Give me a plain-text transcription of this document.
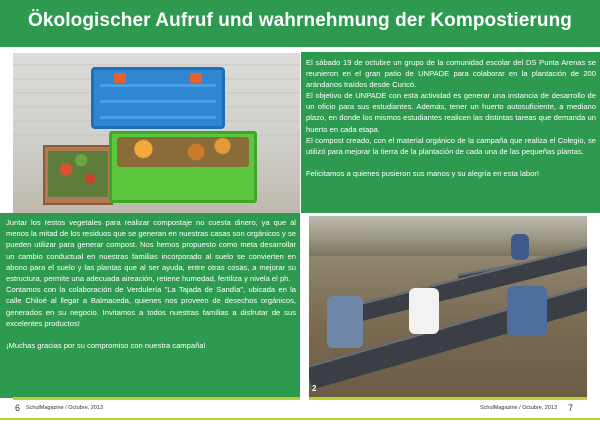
Ökologischer Aufruf und wahrnehmung der Kompostierung

El sábado 19 de octubre un grupo de la comunidad escolar del DS Punta Arenas se reunieron en el gran patio de UNPADE para colaborar en la plantación de 200 arándanos traídos desde Curicó.

El objetivo de UNPADE con esta actividad es generar una instancia de desarrollo de un oficio para sus estudiantes. Además, tener un huerto autosuficiente, a mediano plazo, en donde los mismos estudiantes realicen las distintas tareas que demanda un huerto en cada etapa.

El compost creado, con el material orgánico de la campaña que realiza el Colegio, se utilizó para mejorar la tierra de la plantación de cada una de las pequeñas plantas.

Felicitamos a quienes pusieron sus manos y su alegría en esta labor!

Juntar los restos vegetales para realizar compostaje no cuesta dinero, ya que al menos la mitad de los residuos que se generan en nuestras casas son orgánicos y se pueden utilizar para generar compost. Nos hemos propuesto como meta desarrollar un cambio conductual en nuestras familias incorporado al suelo se convierten en abono para el suelo y las plantas que al ser ayuda, entre otras cosas, a mejorar su estructura, permite una adecuada aireación, retiene humedad, fertiliza y nivela el ph.

Contamos con la colaboración de Verdulería "La Tajada de Sandía", ubicada en la calle Chiloé al llegar a Balmaceda, quienes nos proveen de desechos orgánicos, generados en su negocio. Invitamos a todos nuestras familias a disfrutar de sus excelentes productos!

¡Muchas gracias por su compromiso con nuestra campaña!

2
6 SchulMagazine / Octubre, 2013	SchulMagazine / Octubre, 2013 7
